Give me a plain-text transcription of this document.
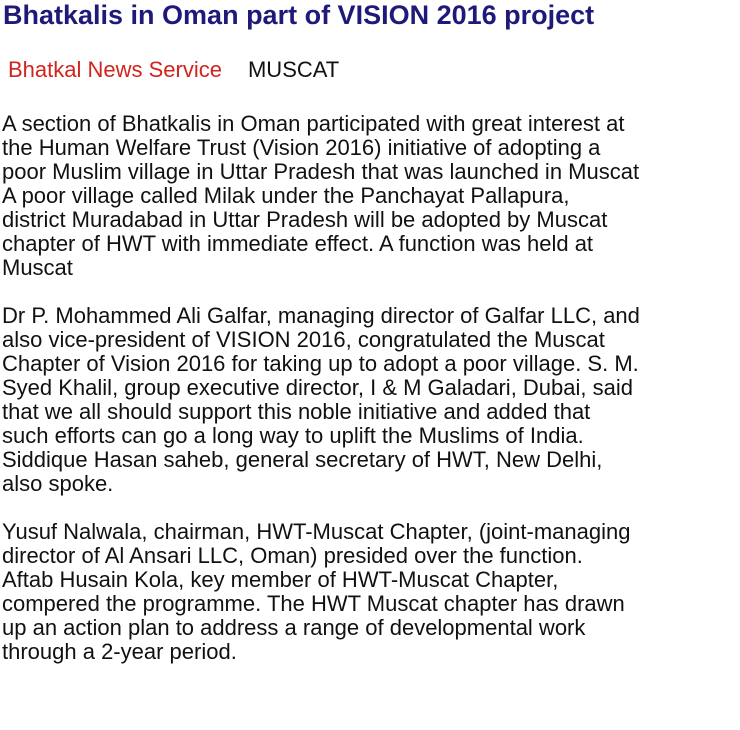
Bhatkalis in Oman part of VISION 2016 project
Bhatkal News Service MUSCAT

A section of Bhatkalis in Oman participated with great interest at
the Human Welfare Trust (Vision 2016) initiative of adopting a
poor Muslim village in Uttar Pradesh that was launched in Muscat
A poor village called Milak under the Panchayat Pallapura,
district Muradabad in Uttar Pradesh will be adopted by Muscat
chapter of HWT with immediate effect. A function was held at
Muscat

Dr P. Mohammed Ali Galfar, managing director of Galfar LLC, and
also vice-president of VISION 2016, congratulated the Muscat
Chapter of Vision 2016 for taking up to adopt a poor village. S. M.
Syed Khalil, group executive director, I & M Galadari, Dubai, said
that we all should support this noble initiative and added that
such efforts can go a long way to uplift the Muslims of India.
Siddique Hasan saheb, general secretary of HWT, New Delhi,
also spoke.

Yusuf Nalwala, chairman, HWT-Muscat Chapter, (joint-managing
director of Al Ansari LLC, Oman) presided over the function.
Aftab Husain Kola, key member of HWT-Muscat Chapter,
compered the programme. The HWT Muscat chapter has drawn
up an action plan to address a range of developmental work
through a 2-year period.
